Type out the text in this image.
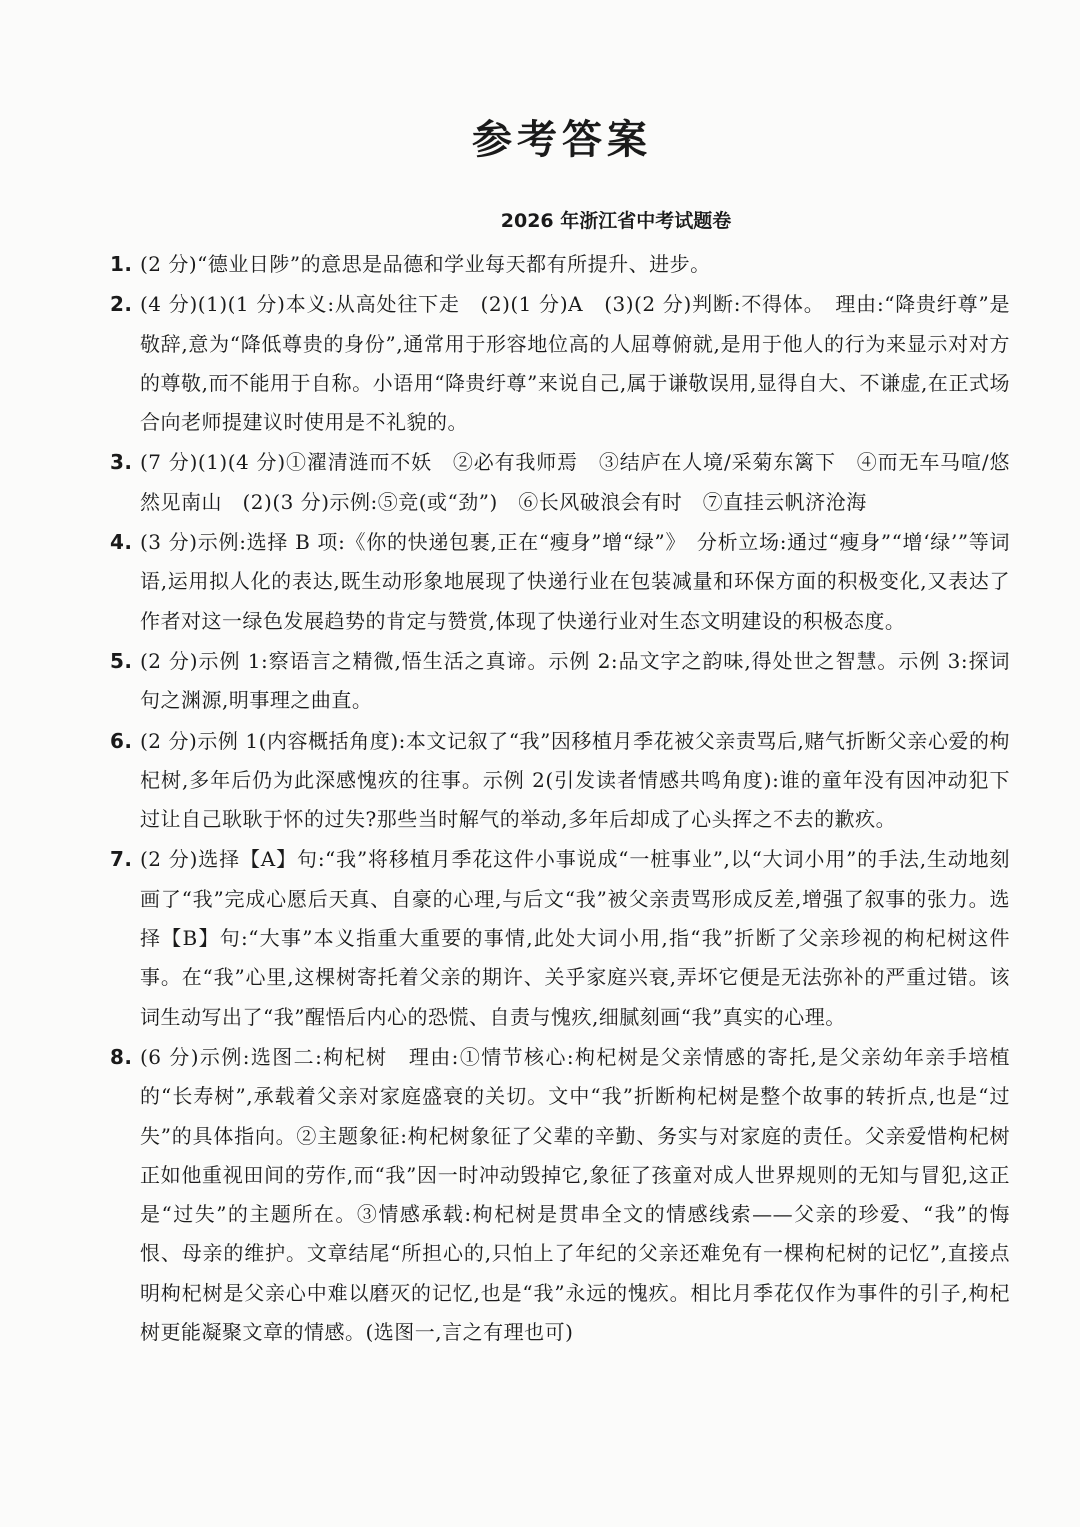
参考答案
2026 年浙江省中考试题卷
1. (2 分)“德业日陟”的意思是品德和学业每天都有所提升、进步。
2. (4 分)(1)(1 分)本义:从高处往下走　(2)(1 分)A　(3)(2 分)判断:不得体。　理由:“降贵纡尊”是敬辞,意为“降低尊贵的身份”,通常用于形容地位高的人屈尊俯就,是用于他人的行为来显示对对方的尊敬,而不能用于自称。小语用“降贵纡尊”来说自己,属于谦敬误用,显得自大、不谦虚,在正式场合向老师提建议时使用是不礼貌的。
3. (7 分)(1)(4 分)①濯清涟而不妖　②必有我师焉　③结庐在人境/采菊东篱下　④而无车马喧/悠然见南山　(2)(3 分)示例:⑤竞(或“劲”)　⑥长风破浪会有时　⑦直挂云帆济沧海
4. (3 分)示例:选择 B 项:《你的快递包裹,正在“瘦身”增“绿”》　分析立场:通过“瘦身”“增‘绿’”等词语,运用拟人化的表达,既生动形象地展现了快递行业在包装减量和环保方面的积极变化,又表达了作者对这一绿色发展趋势的肯定与赞赏,体现了快递行业对生态文明建设的积极态度。
5. (2 分)示例 1:察语言之精微,悟生活之真谛。示例 2:品文字之韵味,得处世之智慧。示例 3:探词句之渊源,明事理之曲直。
6. (2 分)示例 1(内容概括角度):本文记叙了“我”因移植月季花被父亲责骂后,赌气折断父亲心爱的枸杞树,多年后仍为此深感愧疚的往事。示例 2(引发读者情感共鸣角度):谁的童年没有因冲动犯下过让自己耿耿于怀的过失?那些当时解气的举动,多年后却成了心头挥之不去的歉疚。
7. (2 分)选择【A】句:“我”将移植月季花这件小事说成“一桩事业”,以“大词小用”的手法,生动地刻画了“我”完成心愿后天真、自豪的心理,与后文“我”被父亲责骂形成反差,增强了叙事的张力。选择【B】句:“大事”本义指重大重要的事情,此处大词小用,指“我”折断了父亲珍视的枸杞树这件事。在“我”心里,这棵树寄托着父亲的期许、关乎家庭兴衰,弄坏它便是无法弥补的严重过错。该词生动写出了“我”醒悟后内心的恐慌、自责与愧疚,细腻刻画“我”真实的心理。
8. (6 分)示例:选图二:枸杞树　理由:①情节核心:枸杞树是父亲情感的寄托,是父亲幼年亲手培植的“长寿树”,承载着父亲对家庭盛衰的关切。文中“我”折断枸杞树是整个故事的转折点,也是“过失”的具体指向。②主题象征:枸杞树象征了父辈的辛勤、务实与对家庭的责任。父亲爱惜枸杞树正如他重视田间的劳作,而“我”因一时冲动毁掉它,象征了孩童对成人世界规则的无知与冒犯,这正是“过失”的主题所在。③情感承载:枸杞树是贯串全文的情感线索——父亲的珍爱、“我”的悔恨、母亲的维护。文章结尾“所担心的,只怕上了年纪的父亲还难免有一棵枸杞树的记忆”,直接点明枸杞树是父亲心中难以磨灭的记忆,也是“我”永远的愧疚。相比月季花仅作为事件的引子,枸杞树更能凝聚文章的情感。(选图一,言之有理也可)
